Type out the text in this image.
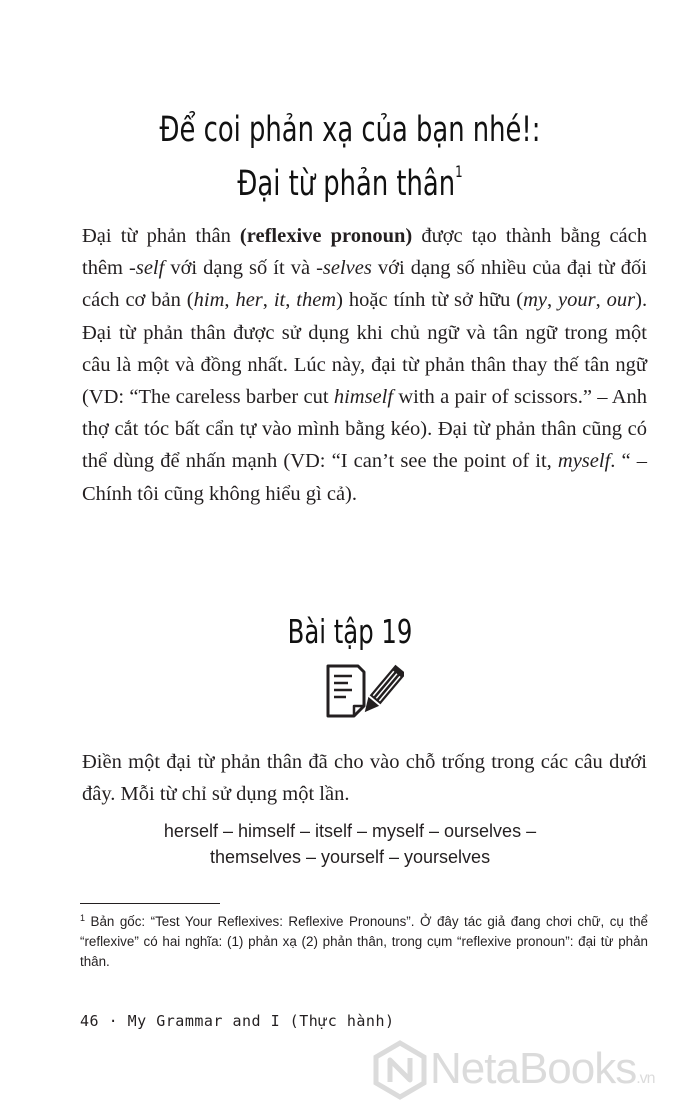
Để coi phản xạ của bạn nhé!:
Đại từ phản thân$^1$

Đại từ phản thân (reflexive pronoun) được tạo thành bằng cách thêm -self với dạng số ít và -selves với dạng số nhiều của đại từ đối cách cơ bản (him, her, it, them) hoặc tính từ sở hữu (my, your, our). Đại từ phản thân được sử dụng khi chủ ngữ và tân ngữ trong một câu là một và đồng nhất. Lúc này, đại từ phản thân thay thế tân ngữ (VD: “The careless barber cut himself with a pair of scissors.” – Anh thợ cắt tóc bất cẩn tự vào mình bằng kéo). Đại từ phản thân cũng có thể dùng để nhấn mạnh (VD: “I can’t see the point of it, myself. “ – Chính tôi cũng không hiểu gì cả).

Bài tập 19

Điền một đại từ phản thân đã cho vào chỗ trống trong các câu dưới đây. Mỗi từ chỉ sử dụng một lần.

herself – himself – itself – myself – ourselves –
themselves – yourself – yourselves

$^1$ Bản gốc: “Test Your Reflexives: Reflexive Pronouns”. Ở đây tác giả đang chơi chữ, cụ thể “reflexive” có hai nghĩa: (1) phản xạ (2) phản thân, trong cụm “reflexive pronoun”: đại từ phản thân.

46 · My Grammar and I (Thực hành)
NetaBooks.vn
